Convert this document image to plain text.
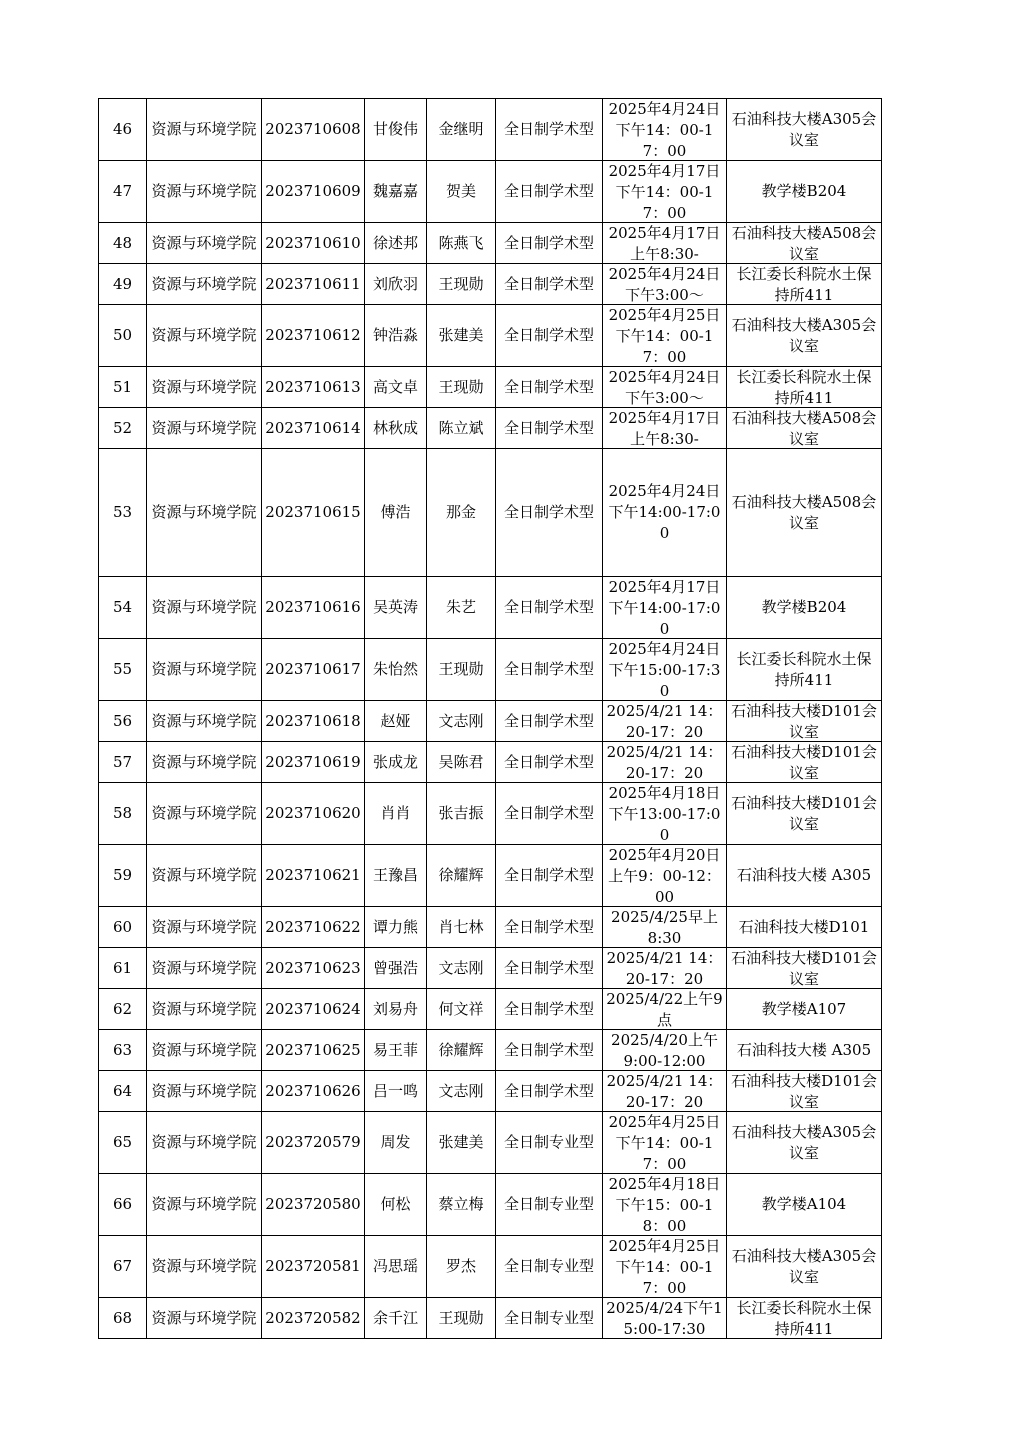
46	资源与环境学院	2023710608	甘俊伟	金继明	全日制学术型	2025年4月24日下午14：00-17：00	石油科技大楼A305会议室

47	资源与环境学院	2023710609	魏嘉嘉	贺美	全日制学术型	2025年4月17日下午14：00-17：00	教学楼B204

48	资源与环境学院	2023710610	徐述邦	陈燕飞	全日制学术型	2025年4月17日上午8:30-	石油科技大楼A508会议室

49	资源与环境学院	2023710611	刘欣羽	王现勋	全日制学术型	2025年4月24日下午3:00～	长江委长科院水土保持所411

50	资源与环境学院	2023710612	钟浩淼	张建美	全日制学术型	2025年4月25日下午14：00-17：00	石油科技大楼A305会议室

51	资源与环境学院	2023710613	高文卓	王现勋	全日制学术型	2025年4月24日下午3:00～	长江委长科院水土保持所411

52	资源与环境学院	2023710614	林秋成	陈立斌	全日制学术型	2025年4月17日上午8:30-	石油科技大楼A508会议室

53	资源与环境学院	2023710615	傅浩	那金	全日制学术型	2025年4月24日下午14:00-17:00	石油科技大楼A508会议室

54	资源与环境学院	2023710616	吴英涛	朱艺	全日制学术型	2025年4月17日下午14:00-17:00	教学楼B204

55	资源与环境学院	2023710617	朱怡然	王现勋	全日制学术型	2025年4月24日下午15:00-17:30	长江委长科院水土保持所411

56	资源与环境学院	2023710618	赵娅	文志刚	全日制学术型	2025/4/21 14：20-17：20	石油科技大楼D101会议室

57	资源与环境学院	2023710619	张成龙	吴陈君	全日制学术型	2025/4/21 14：20-17：20	石油科技大楼D101会议室

58	资源与环境学院	2023710620	肖肖	张吉振	全日制学术型	2025年4月18日下午13:00-17:00	石油科技大楼D101会议室

59	资源与环境学院	2023710621	王豫昌	徐耀辉	全日制学术型	2025年4月20日上午9：00-12：00	石油科技大楼 A305

60	资源与环境学院	2023710622	谭力熊	肖七林	全日制学术型	2025/4/25早上8:30	石油科技大楼D101

61	资源与环境学院	2023710623	曾强浩	文志刚	全日制学术型	2025/4/21 14：20-17：20	石油科技大楼D101会议室

62	资源与环境学院	2023710624	刘易舟	何文祥	全日制学术型	2025/4/22上午9点	教学楼A107

63	资源与环境学院	2023710625	易王菲	徐耀辉	全日制学术型	2025/4/20上午9:00-12:00	石油科技大楼 A305

64	资源与环境学院	2023710626	吕一鸣	文志刚	全日制学术型	2025/4/21 14：20-17：20	石油科技大楼D101会议室

65	资源与环境学院	2023720579	周发	张建美	全日制专业型	2025年4月25日下午14：00-17：00	石油科技大楼A305会议室

66	资源与环境学院	2023720580	何松	蔡立梅	全日制专业型	2025年4月18日下午15：00-18：00	教学楼A104

67	资源与环境学院	2023720581	冯思瑶	罗杰	全日制专业型	2025年4月25日下午14：00-17：00	石油科技大楼A305会议室

68	资源与环境学院	2023720582	余千江	王现勋	全日制专业型	2025/4/24下午15:00-17:30	长江委长科院水土保持所411
